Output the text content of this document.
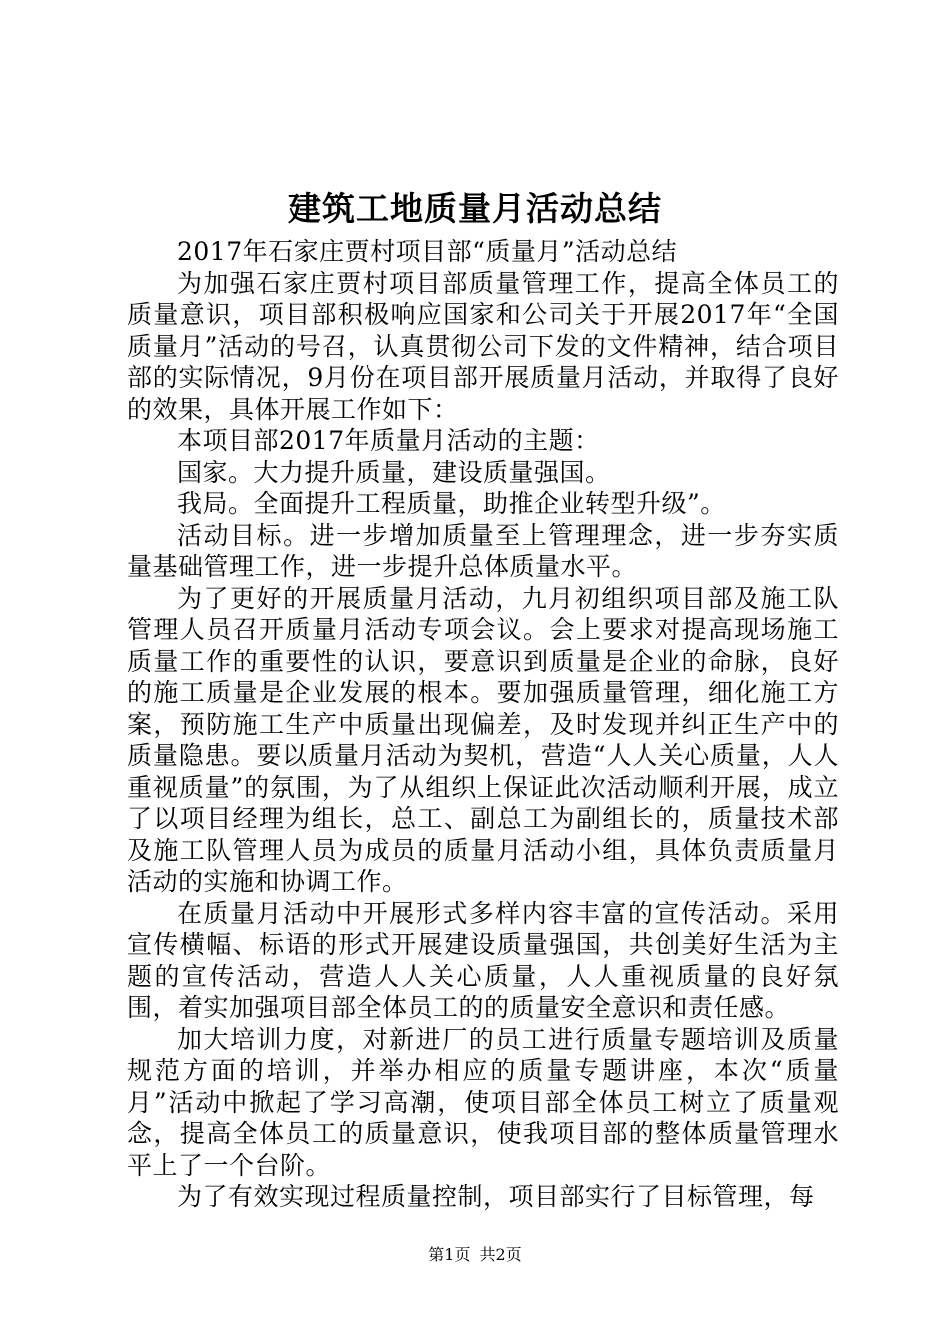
建筑工地质量月活动总结

2017年石家庄贾村项目部“质量月”活动总结

为加强石家庄贾村项目部质量管理工作，提高全体员工的质量意识，项目部积极响应国家和公司关于开展2017年“全国质量月”活动的号召，认真贯彻公司下发的文件精神，结合项目部的实际情况，9月份在项目部开展质量月活动，并取得了良好的效果，具体开展工作如下：

本项目部2017年质量月活动的主题：

国家。大力提升质量，建设质量强国。

我局。全面提升工程质量，助推企业转型升级”。

活动目标。进一步增加质量至上管理理念，进一步夯实质量基础管理工作，进一步提升总体质量水平。

为了更好的开展质量月活动，九月初组织项目部及施工队管理人员召开质量月活动专项会议。会上要求对提高现场施工质量工作的重要性的认识，要意识到质量是企业的命脉，良好的施工质量是企业发展的根本。要加强质量管理，细化施工方案，预防施工生产中质量出现偏差，及时发现并纠正生产中的质量隐患。要以质量月活动为契机，营造“人人关心质量，人人重视质量”的氛围，为了从组织上保证此次活动顺利开展，成立了以项目经理为组长，总工、副总工为副组长的，质量技术部及施工队管理人员为成员的质量月活动小组，具体负责质量月活动的实施和协调工作。

在质量月活动中开展形式多样内容丰富的宣传活动。采用宣传横幅、标语的形式开展建设质量强国，共创美好生活为主题的宣传活动，营造人人关心质量，人人重视质量的良好氛围，着实加强项目部全体员工的的质量安全意识和责任感。

加大培训力度，对新进厂的员工进行质量专题培训及质量规范方面的培训，并举办相应的质量专题讲座，本次“质量月”活动中掀起了学习高潮，使项目部全体员工树立了质量观念，提高全体员工的质量意识，使我项目部的整体质量管理水平上了一个台阶。

为了有效实现过程质量控制，项目部实行了目标管理，每

第1页 共2页
